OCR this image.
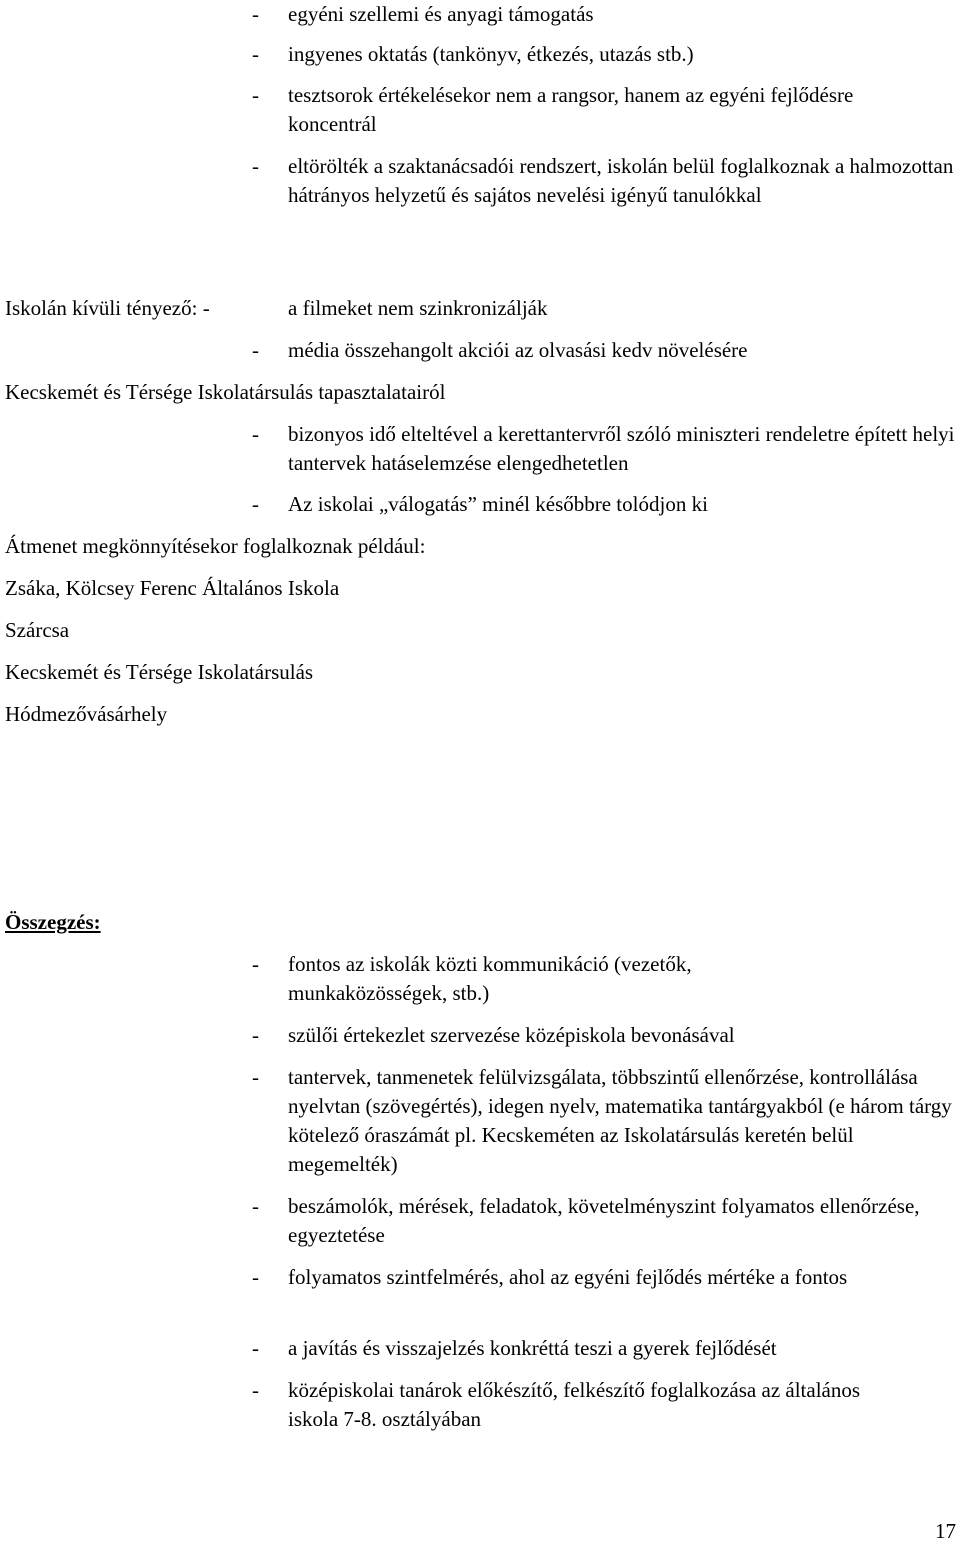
- egyéni szellemi és anyagi támogatás
- ingyenes oktatás (tankönyv, étkezés, utazás stb.)
- tesztsorok értékelésekor nem a rangsor, hanem az egyéni fejlődésre koncentrál
- eltörölték a szaktanácsadói rendszert, iskolán belül foglalkoznak a halmozottan hátrányos helyzetű és sajátos nevelési igényű tanulókkal
Iskolán kívüli tényező: -	a filmeket nem szinkronizálják
- média összehangolt akciói az olvasási kedv növelésére
Kecskemét és Térsége Iskolatársulás tapasztalatairól
- bizonyos idő elteltével a kerettantervről szóló miniszteri rendeletre épített helyi tantervek hatáselemzése elengedhetetlen
- Az iskolai „válogatás” minél későbbre tolódjon ki
Átmenet megkönnyítésekor foglalkoznak például:
Zsáka, Kölcsey Ferenc Általános Iskola
Szárcsa
Kecskemét és Térsége Iskolatársulás
Hódmezővásárhely
Összegzés:
- fontos az iskolák közti kommunikáció (vezetők, munkaközösségek, stb.)
- szülői értekezlet szervezése középiskola bevonásával
- tantervek, tanmenetek felülvizsgálata, többszintű ellenőrzése, kontrollálása nyelvtan (szövegértés), idegen nyelv, matematika tantárgyakból (e három tárgy kötelező óraszámát pl. Kecskeméten az Iskolatársulás keretén belül megemelték)
- beszámolók, mérések, feladatok, követelményszint folyamatos ellenőrzése, egyeztetése
- folyamatos szintfelmérés, ahol az egyéni fejlődés mértéke a fontos
- a javítás és visszajelzés konkréttá teszi a gyerek fejlődését
- középiskolai tanárok előkészítő, felkészítő foglalkozása az általános iskola 7-8. osztályában
17
